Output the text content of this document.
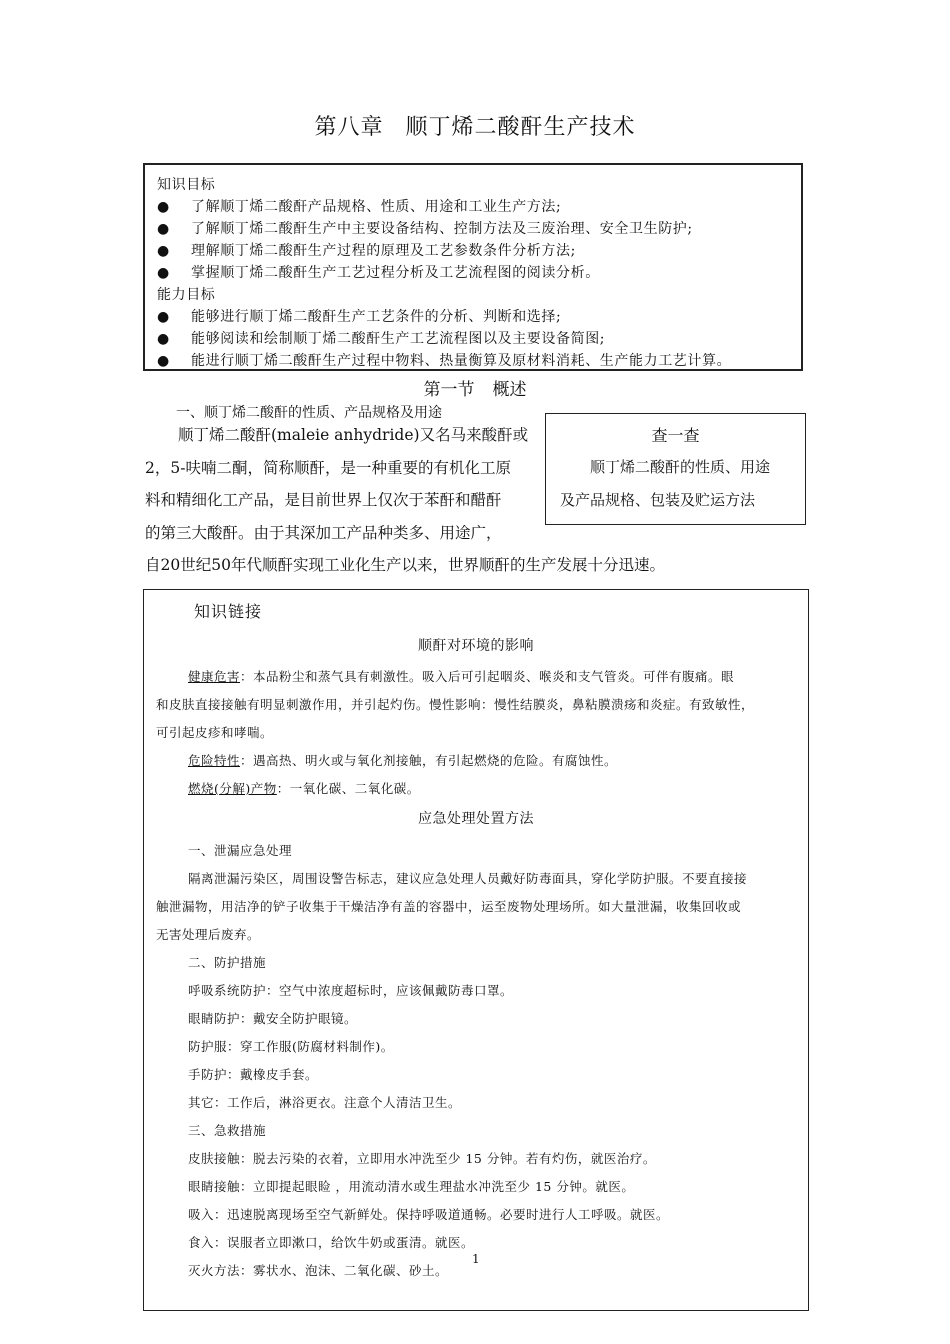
第八章 顺丁烯二酸酐生产技术
知识目标
● 了解顺丁烯二酸酐产品规格、性质、用途和工业生产方法;
● 了解顺丁烯二酸酐生产中主要设备结构、控制方法及三废治理、安全卫生防护;
● 理解顺丁烯二酸酐生产过程的原理及工艺参数条件分析方法;
● 掌握顺丁烯二酸酐生产工艺过程分析及工艺流程图的阅读分析。
能力目标
● 能够进行顺丁烯二酸酐生产工艺条件的分析、判断和选择;
● 能够阅读和绘制顺丁烯二酸酐生产工艺流程图以及主要设备简图;
● 能进行顺丁烯二酸酐生产过程中物料、热量衡算及原材料消耗、生产能力工艺计算。
第一节 概述
一、顺丁烯二酸酐的性质、产品规格及用途
顺丁烯二酸酐(maleie anhydride)又名马来酸酐或
2，5-呋喃二酮，简称顺酐，是一种重要的有机化工原
料和精细化工产品，是目前世界上仅次于苯酐和醋酐
的第三大酸酐。由于其深加工产品种类多、用途广，
自20世纪50年代顺酐实现工业化生产以来，世界顺酐的生产发展十分迅速。
查一查
顺丁烯二酸酐的性质、用途
及产品规格、包装及贮运方法
知识链接
顺酐对环境的影响
健康危害：本品粉尘和蒸气具有刺激性。吸入后可引起咽炎、喉炎和支气管炎。可伴有腹痛。眼
和皮肤直接接触有明显刺激作用，并引起灼伤。慢性影响：慢性结膜炎，鼻粘膜溃疡和炎症。有致敏性，
可引起皮疹和哮喘。
危险特性：遇高热、明火或与氧化剂接触，有引起燃烧的危险。有腐蚀性。
燃烧(分解)产物：一氧化碳、二氧化碳。
应急处理处置方法
一、泄漏应急处理
隔离泄漏污染区，周围设警告标志，建议应急处理人员戴好防毒面具，穿化学防护服。不要直接接
触泄漏物，用洁净的铲子收集于干燥洁净有盖的容器中，运至废物处理场所。如大量泄漏，收集回收或
无害处理后废弃。
二、防护措施
呼吸系统防护：空气中浓度超标时，应该佩戴防毒口罩。
眼睛防护：戴安全防护眼镜。
防护服：穿工作服(防腐材料制作)。
手防护：戴橡皮手套。
其它：工作后，淋浴更衣。注意个人清洁卫生。
三、急救措施
皮肤接触：脱去污染的衣着，立即用水冲洗至少 15 分钟。若有灼伤，就医治疗。
眼睛接触：立即提起眼睑 ，用流动清水或生理盐水冲洗至少 15 分钟。就医。
吸入：迅速脱离现场至空气新鲜处。保持呼吸道通畅。必要时进行人工呼吸。就医。
食入：误服者立即漱口，给饮牛奶或蛋清。就医。
灭火方法：雾状水、泡沫、二氧化碳、砂土。
1
